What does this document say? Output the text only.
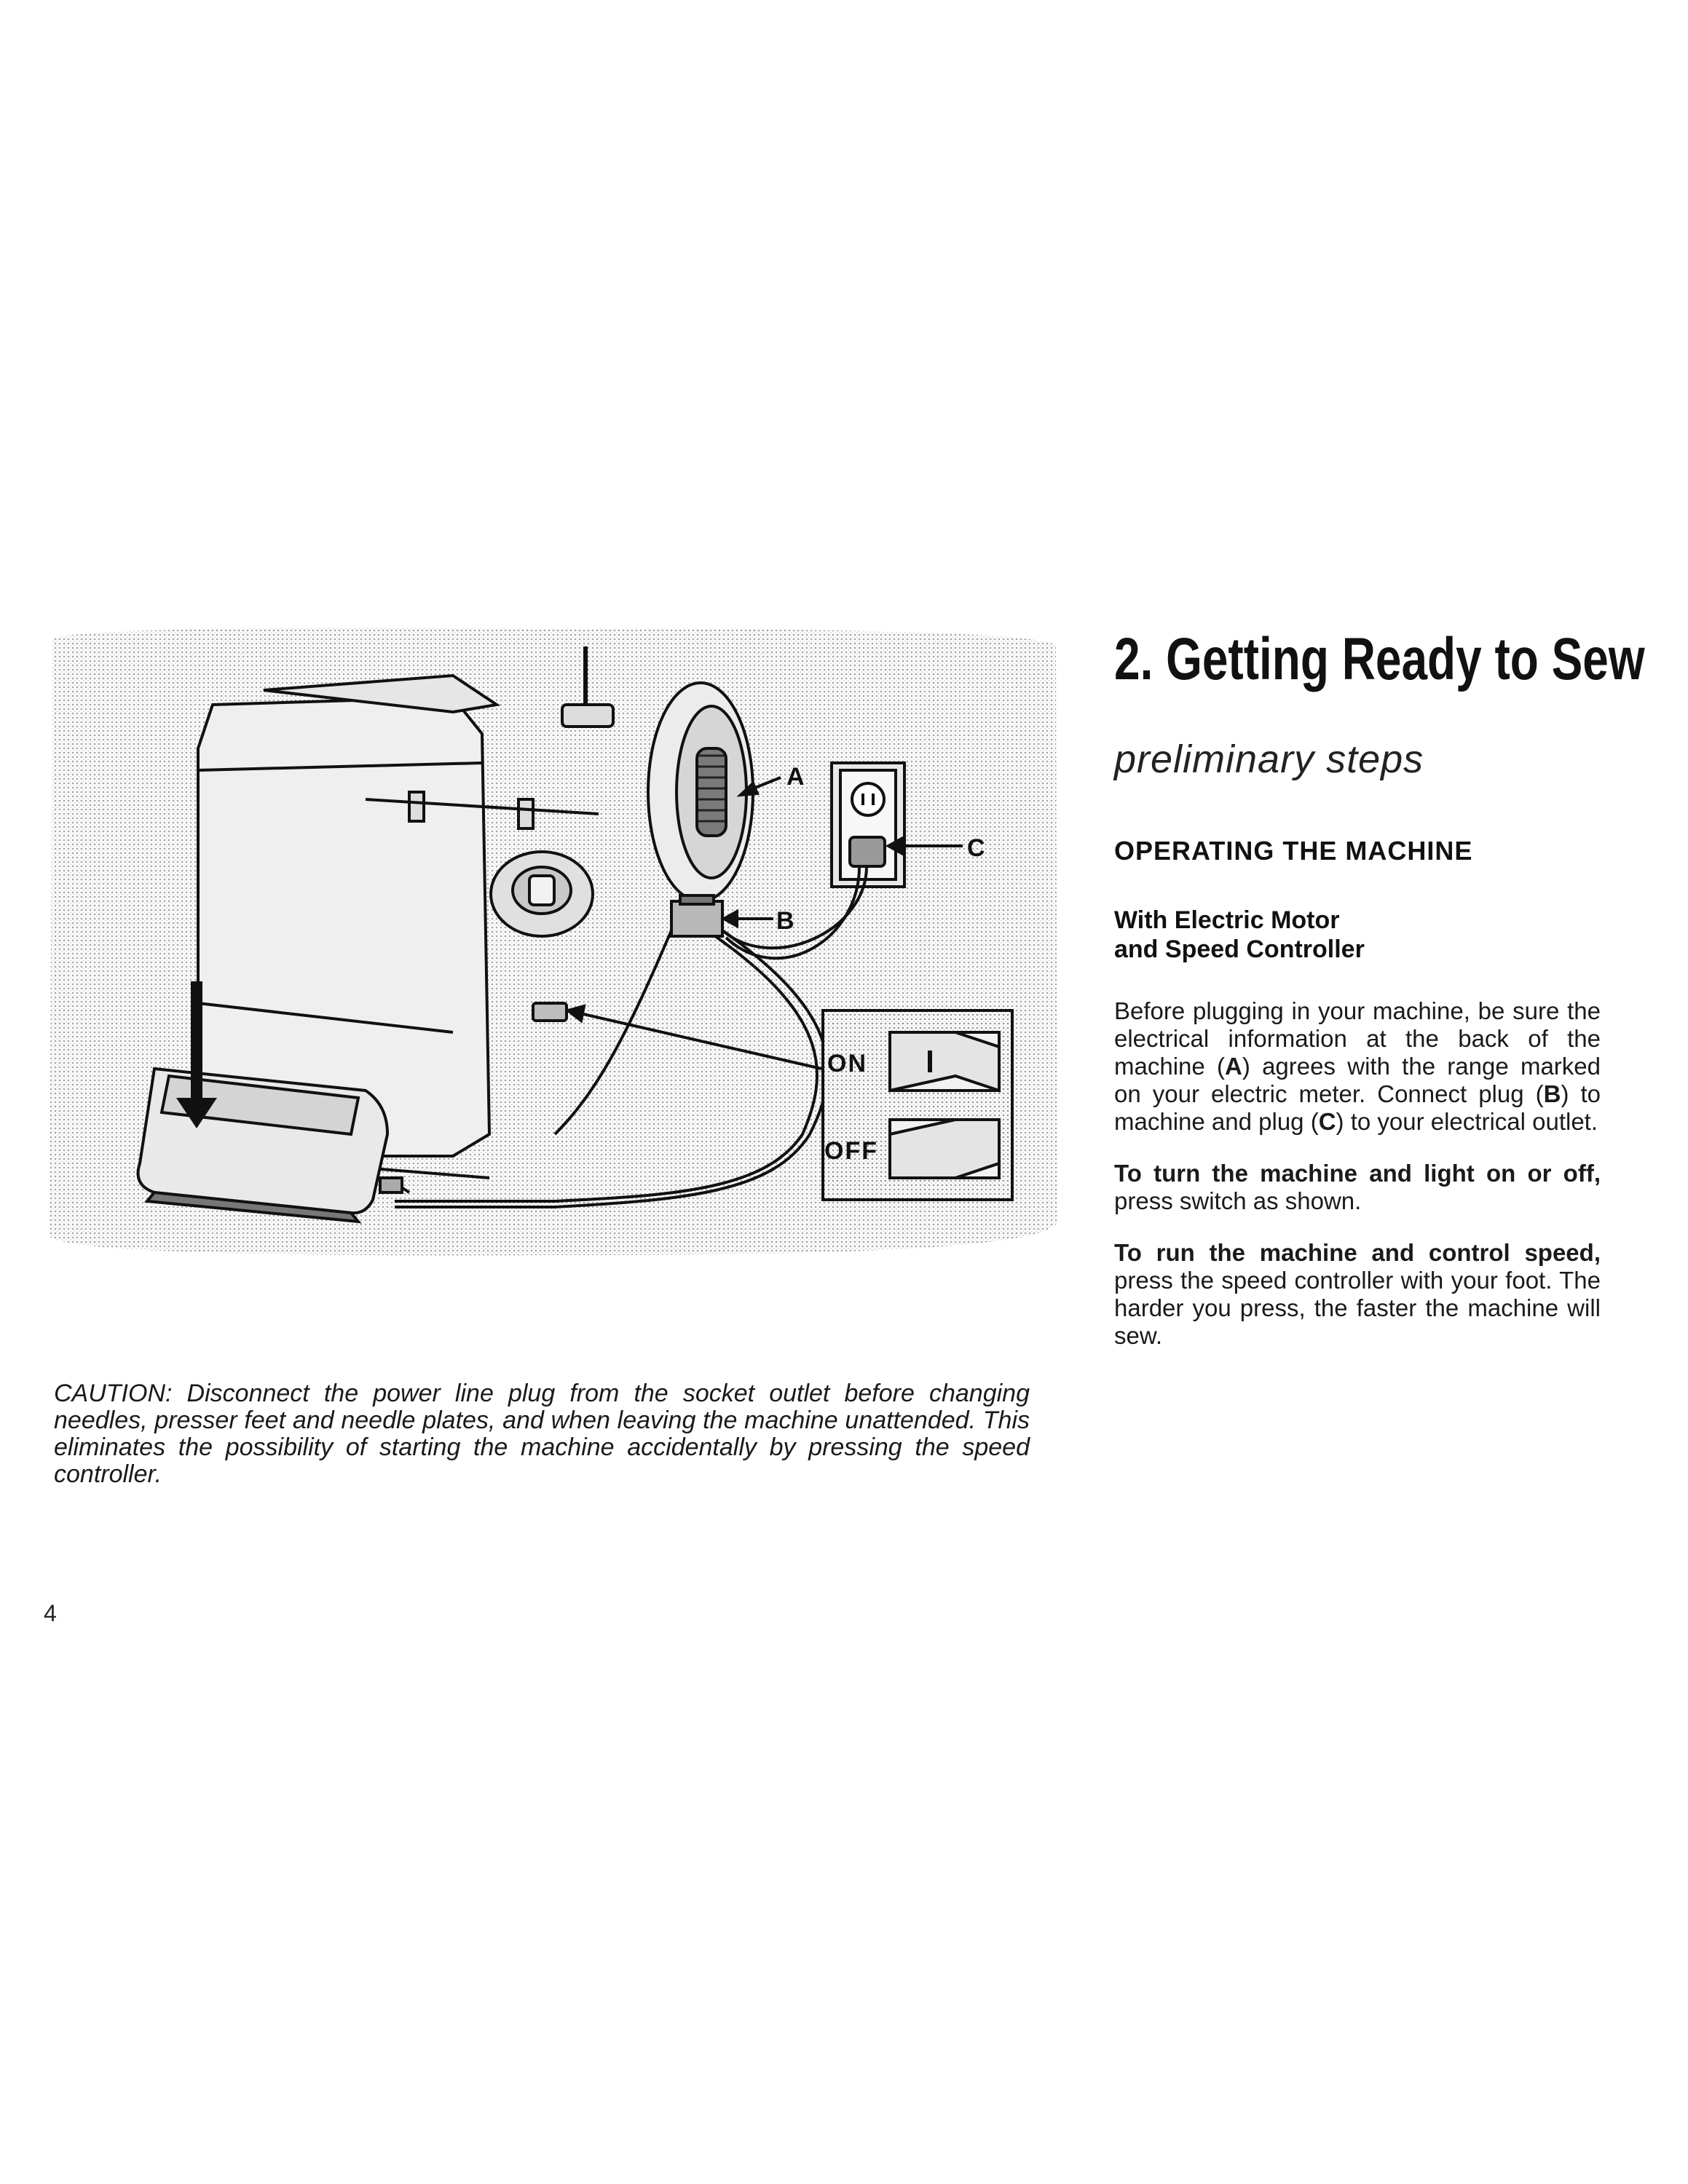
ON
OFF
A
B
C

CAUTION: Disconnect the power line plug from the socket outlet before changing needles, presser feet and needle plates, and when leaving the machine unattended. This eliminates the possibility of starting the machine accidentally by pressing the speed controller.

4
2. Getting Ready to Sew
preliminary steps
OPERATING THE MACHINE
With Electric Motor
and Speed Controller

Before plugging in your machine, be sure the electrical information at the back of the machine (A) agrees with the range marked on your electric meter. Connect plug (B) to machine and plug (C) to your electrical outlet.

To turn the machine and light on or off, press switch as shown.

To run the machine and control speed, press the speed controller with your foot. The harder you press, the faster the machine will sew.
